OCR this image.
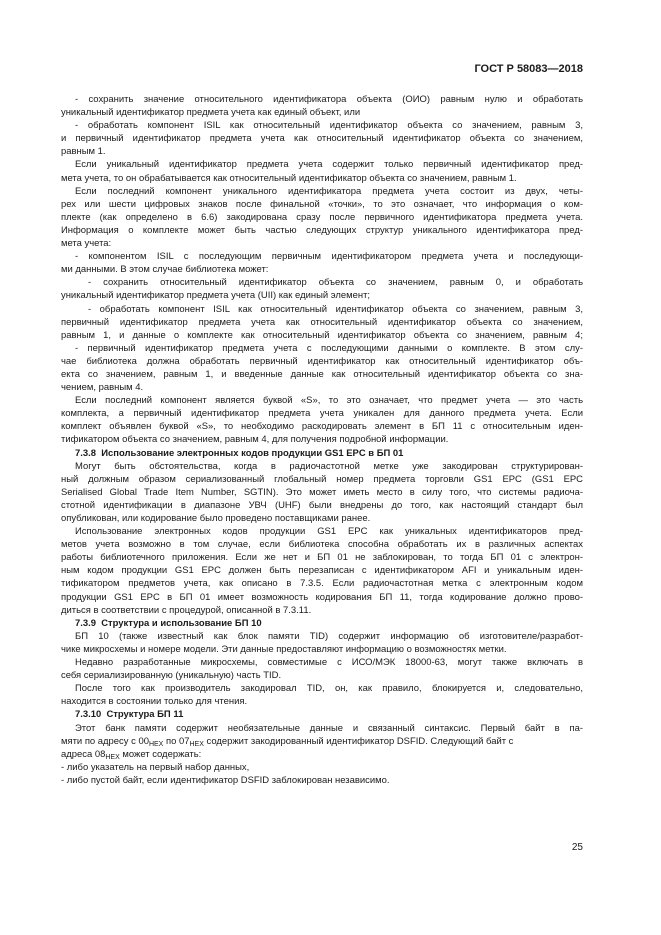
ГОСТ Р 58083—2018
- сохранить значение относительного идентификатора объекта (ОИО) равным нулю и обработать
уникальный идентификатор предмета учета как единый объект, или
- обработать компонент ISIL как относительный идентификатор объекта со значением, равным 3,
и первичный идентификатор предмета учета как относительный идентификатор объекта со значением,
равным 1.
Если уникальный идентификатор предмета учета содержит только первичный идентификатор пред-
мета учета, то он обрабатывается как относительный идентификатор объекта со значением, равным 1.
Если последний компонент уникального идентификатора предмета учета состоит из двух, четы-
рех или шести цифровых знаков после финальной «точки», то это означает, что информация о ком-
плекте (как определено в 6.6) закодирована сразу после первичного идентификатора предмета учета.
Информация о комплекте может быть частью следующих структур уникального идентификатора пред-
мета учета:
- компонентом ISIL с последующим первичным идентификатором предмета учета и последующи-
ми данными. В этом случае библиотека может:
- сохранить относительный идентификатор объекта со значением, равным 0, и обработать
уникальный идентификатор предмета учета (UII) как единый элемент;
- обработать компонент ISIL как относительный идентификатор объекта со значением, равным 3,
первичный идентификатор предмета учета как относительный идентификатор объекта со значением,
равным 1, и данные о комплекте как относительный идентификатор объекта со значением, равным 4;
- первичный идентификатор предмета учета с последующими данными о комплекте. В этом слу-
чае библиотека должна обработать первичный идентификатор как относительный идентификатор объ-
екта со значением, равным 1, и введенные данные как относительный идентификатор объекта со зна-
чением, равным 4.
Если последний компонент является буквой «S», то это означает, что предмет учета — это часть
комплекта, а первичный идентификатор предмета учета уникален для данного предмета учета. Если
комплект объявлен буквой «S», то необходимо раскодировать элемент в БП 11 с относительным иден-
тификатором объекта со значением, равным 4, для получения подробной информации.
7.3.8  Использование электронных кодов продукции GS1 EPC в БП 01
Могут быть обстоятельства, когда в радиочастотной метке уже закодирован структурирован-
ный должным образом сериализованный глобальный номер предмета торговли GS1 EPC (GS1 EPC
Serialised Global Trade Item Number, SGTIN). Это может иметь место в силу того, что системы радиоча-
стотной идентификации в диапазоне УВЧ (UHF) были внедрены до того, как настоящий стандарт был
опубликован, или кодирование было проведено поставщиками ранее.
Использование электронных кодов продукции GS1 EPC как уникальных идентификаторов пред-
метов учета возможно в том случае, если библиотека способна обработать их в различных аспектах
работы библиотечного приложения. Если же нет и БП 01 не заблокирован, то тогда БП 01 с электрон-
ным кодом продукции GS1 EPC должен быть перезаписан с идентификатором AFI и уникальным иден-
тификатором предметов учета, как описано в 7.3.5. Если радиочастотная метка с электронным кодом
продукции GS1 EPC в БП 01 имеет возможность кодирования БП 11, тогда кодирование должно прово-
диться в соответствии с процедурой, описанной в 7.3.11.
7.3.9  Структура и использование БП 10
БП 10 (также известный как блок памяти TID) содержит информацию об изготовителе/разработ-
чике микросхемы и номере модели. Эти данные предоставляют информацию о возможностях метки.
Недавно разработанные микросхемы, совместимые с ИСО/МЭК 18000-63, могут также включать в
себя сериализированную (уникальную) часть TID.
После того как производитель закодировал TID, он, как правило, блокируется и, следовательно,
находится в состоянии только для чтения.
7.3.10  Структура БП 11
Этот банк памяти содержит необязательные данные и связанный синтаксис. Первый байт в па-
мяти по адресу с $00_{HEX}$ по $07_{HEX}$ содержит закодированный идентификатор DSFID. Следующий байт с
адреса $08_{HEX}$ может содержать:
- либо указатель на первый набор данных,
- либо пустой байт, если идентификатор DSFID заблокирован независимо.
25
